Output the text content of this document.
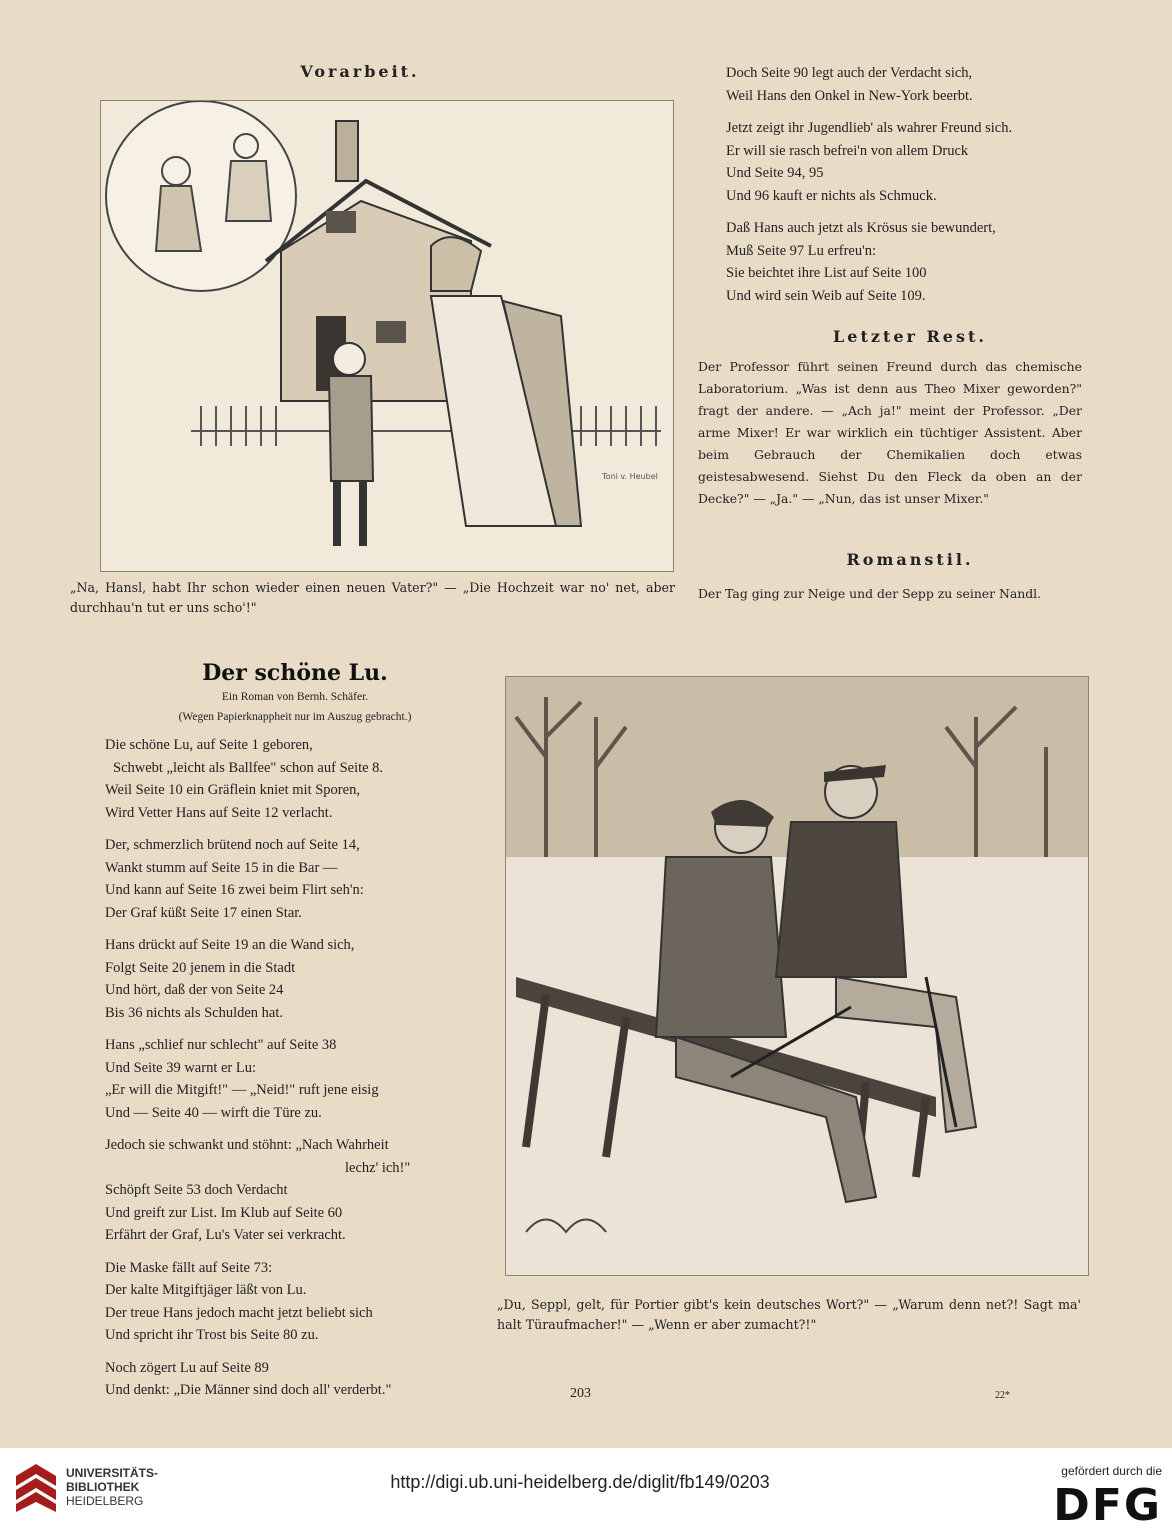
Vorarbeit.
Toni v. Heubel
„Na, Hansl, habt Ihr schon wieder einen neuen Vater?" — „Die Hochzeit war no' net, aber durchhau'n tut er uns scho'!"
Doch Seite 90 legt auch der Verdacht sich,
Weil Hans den Onkel in New-York beerbt.
Jetzt zeigt ihr Jugendlieb' als wahrer Freund sich.
Er will sie rasch befrei'n von allem Druck
Und Seite 94, 95
Und 96 kauft er nichts als Schmuck.
Daß Hans auch jetzt als Krösus sie bewundert,
Muß Seite 97 Lu erfreu'n:
Sie beichtet ihre List auf Seite 100
Und wird sein Weib auf Seite 109.
Letzter Rest.
Der Professor führt seinen Freund durch das chemische Laboratorium. „Was ist denn aus Theo Mixer geworden?" fragt der andere. — „Ach ja!" meint der Professor. „Der arme Mixer! Er war wirklich ein tüchtiger Assistent. Aber beim Gebrauch der Chemikalien doch etwas geistesabwesend. Siehst Du den Fleck da oben an der Decke?" — „Ja." — „Nun, das ist unser Mixer."
Romanstil.
Der Tag ging zur Neige und der Sepp zu seiner Nandl.
Der schöne Lu.
Ein Roman von Bernh. Schäfer.
(Wegen Papierknappheit nur im Auszug gebracht.)
Die schöne Lu, auf Seite 1 geboren,
Schwebt „leicht als Ballfee" schon auf Seite 8.
Weil Seite 10 ein Gräflein kniet mit Sporen,
Wird Vetter Hans auf Seite 12 verlacht.
Der, schmerzlich brütend noch auf Seite 14,
Wankt stumm auf Seite 15 in die Bar —
Und kann auf Seite 16 zwei beim Flirt seh'n:
Der Graf küßt Seite 17 einen Star.
Hans drückt auf Seite 19 an die Wand sich,
Folgt Seite 20 jenem in die Stadt
Und hört, daß der von Seite 24
Bis 36 nichts als Schulden hat.
Hans „schlief nur schlecht" auf Seite 38
Und Seite 39 warnt er Lu:
„Er will die Mitgift!" — „Neid!" ruft jene eisig
Und — Seite 40 — wirft die Türe zu.
Jedoch sie schwankt und stöhnt: „Nach Wahrheit
lechz' ich!"
Schöpft Seite 53 doch Verdacht
Und greift zur List. Im Klub auf Seite 60
Erfährt der Graf, Lu's Vater sei verkracht.
Die Maske fällt auf Seite 73:
Der kalte Mitgiftjäger läßt von Lu.
Der treue Hans jedoch macht jetzt beliebt sich
Und spricht ihr Trost bis Seite 80 zu.
Noch zögert Lu auf Seite 89
Und denkt: „Die Männer sind doch all' verderbt."
„Du, Seppl, gelt, für Portier gibt's kein deutsches Wort?" — „Warum denn net?! Sagt ma' halt Türaufmacher!" — „Wenn er aber zumacht?!"
203	22*
UNIVERSITÄTS-
BIBLIOTHEK
HEIDELBERG
http://digi.ub.uni-heidelberg.de/diglit/fb149/0203
gefördert durch die
DFG
